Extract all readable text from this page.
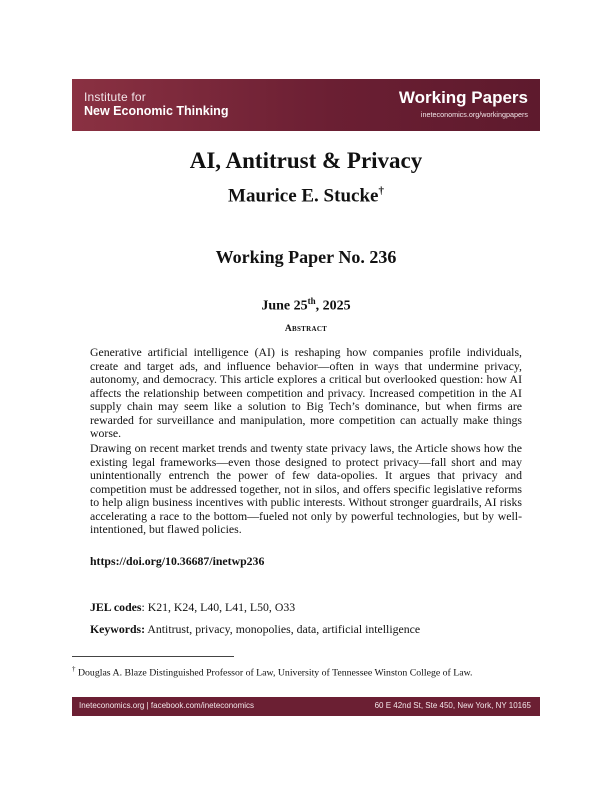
Institute for
New Economic Thinking
Working Papers
ineteconomics.org/workingpapers
AI, Antitrust & Privacy
Maurice E. Stucke†
Working Paper No. 236
June 25th, 2025
Abstract

Generative artificial intelligence (AI) is reshaping how companies profile individuals, create and target ads, and influence behavior—often in ways that undermine privacy, autonomy, and democracy. This article explores a critical but overlooked question: how AI affects the relationship between competition and privacy. Increased competition in the AI supply chain may seem like a solution to Big Tech’s dominance, but when firms are rewarded for surveillance and manipulation, more competition can actually make things worse.

Drawing on recent market trends and twenty state privacy laws, the Article shows how the existing legal frameworks—even those designed to protect privacy—fall short and may unintentionally entrench the power of few data-opolies. It argues that privacy and competition must be addressed together, not in silos, and offers specific legislative reforms to help align business incentives with public interests. Without stronger guardrails, AI risks accelerating a race to the bottom—fueled not only by powerful technologies, but by well-intentioned, but flawed policies.

https://doi.org/10.36687/inetwp236
JEL codes: K21, K24, L40, L41, L50, O33
Keywords: Antitrust, privacy, monopolies, data, artificial intelligence
† Douglas A. Blaze Distinguished Professor of Law, University of Tennessee Winston College of Law.
Ineteconomics.org | facebook.com/ineteconomics	60 E 42nd St, Ste 450, New York, NY 10165
